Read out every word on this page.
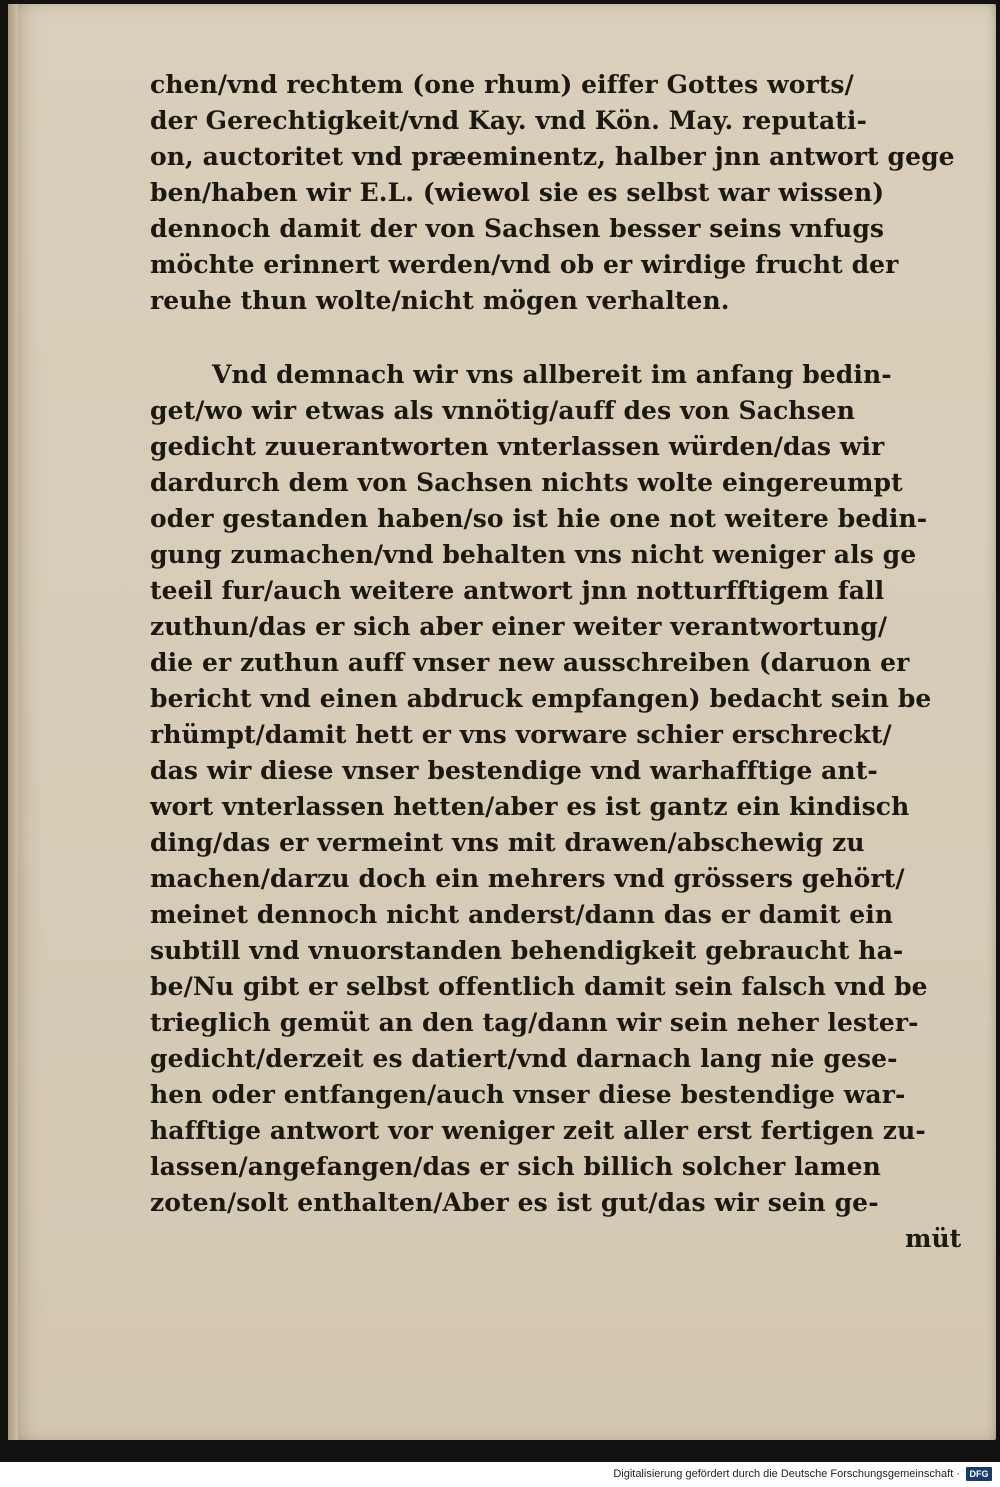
chen/vnd rechtem (one rhum) eiffer Gottes worts/
der Gerechtigkeit/vnd Kay. vnd Kön. May. reputati-
on, auctoritet vnd præeminentz, halber jnn antwort gege
ben/haben wir E.L. (wiewol sie es selbst war wissen)
dennoch damit der von Sachsen besser seins vnfugs
möchte erinnert werden/vnd ob er wirdige frucht der
reuhe thun wolte/nicht mögen verhalten.
Vnd demnach wir vns allbereit im anfang bedin-
get/wo wir etwas als vnnötig/auff des von Sachsen
gedicht zuuerantworten vnterlassen würden/das wir
dardurch dem von Sachsen nichts wolte eingereumpt
oder gestanden haben/so ist hie one not weitere bedin-
gung zumachen/vnd behalten vns nicht weniger als ge
teeil fur/auch weitere antwort jnn notturfftigem fall
zuthun/das er sich aber einer weiter verantwortung/
die er zuthun auff vnser new ausschreiben (daruon er
bericht vnd einen abdruck empfangen) bedacht sein be
rhümpt/damit hett er vns vorware schier erschreckt/
das wir diese vnser bestendige vnd warhafftige ant-
wort vnterlassen hetten/aber es ist gantz ein kindisch
ding/das er vermeint vns mit drawen/abschewig zu
machen/darzu doch ein mehrers vnd grössers gehört/
meinet dennoch nicht anderst/dann das er damit ein
subtill vnd vnuorstanden behendigkeit gebraucht ha-
be/Nu gibt er selbst offentlich damit sein falsch vnd be
trieglich gemüt an den tag/dann wir sein neher lester-
gedicht/derzeit es datiert/vnd darnach lang nie gese-
hen oder entfangen/auch vnser diese bestendige war-
hafftige antwort vor weniger zeit aller erst fertigen zu-
lassen/angefangen/das er sich billich solcher lamen
zoten/solt enthalten/Aber es ist gut/das wir sein ge-
müt
Digitalisierung gefördert durch die Deutsche Forschungsgemeinschaft ·	DFG
